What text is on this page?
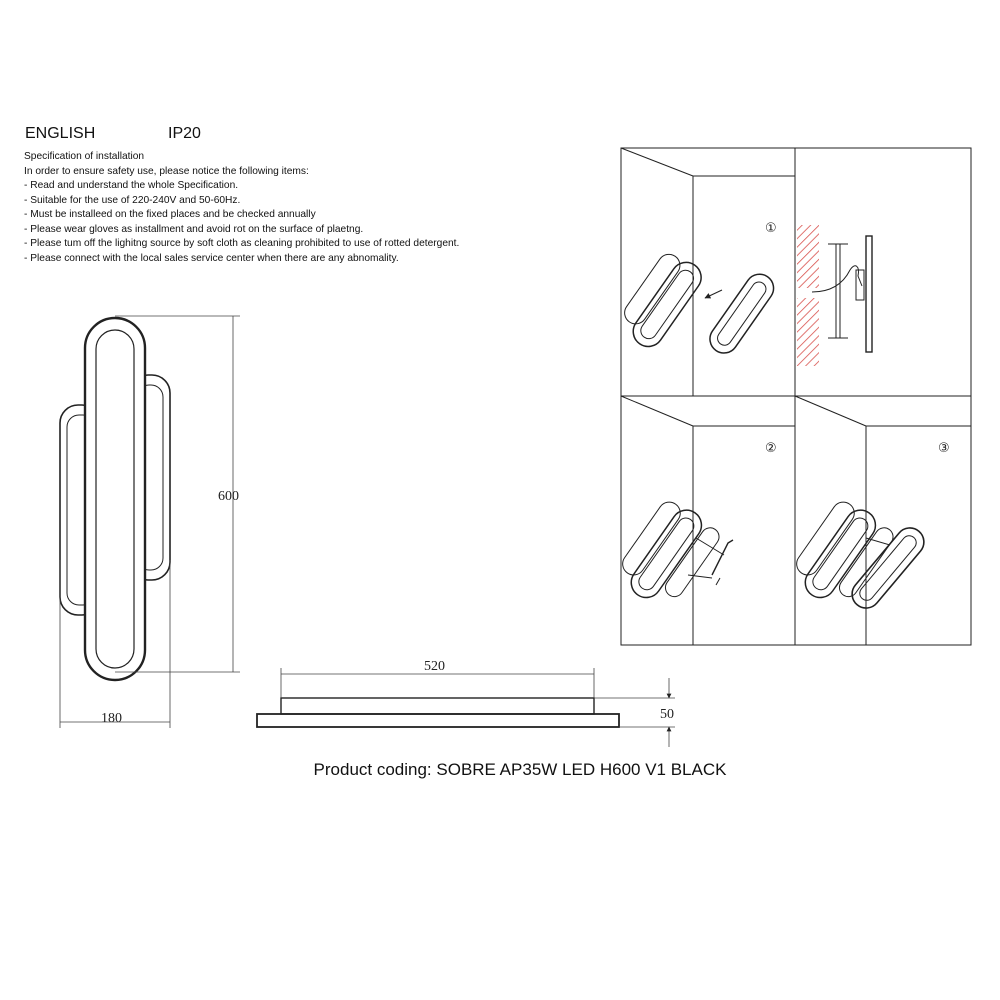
ENGLISH	IP20
Specification of installation
In order to ensure safety use, please notice the following items:
- Read and understand the whole Specification.
- Suitable for the use of 220-240V and 50-60Hz.
- Must be installeed on the fixed places and be checked annually
- Please wear gloves as installment and avoid rot on the surface of plaetng.
- Please tum off the lighitng source by soft cloth as cleaning prohibited to use of rotted detergent.
- Please connect with the local sales service center when there are any abnomality.
600
180
520
50
①
②	③
Product coding: SOBRE AP35W LED H600 V1 BLACK
